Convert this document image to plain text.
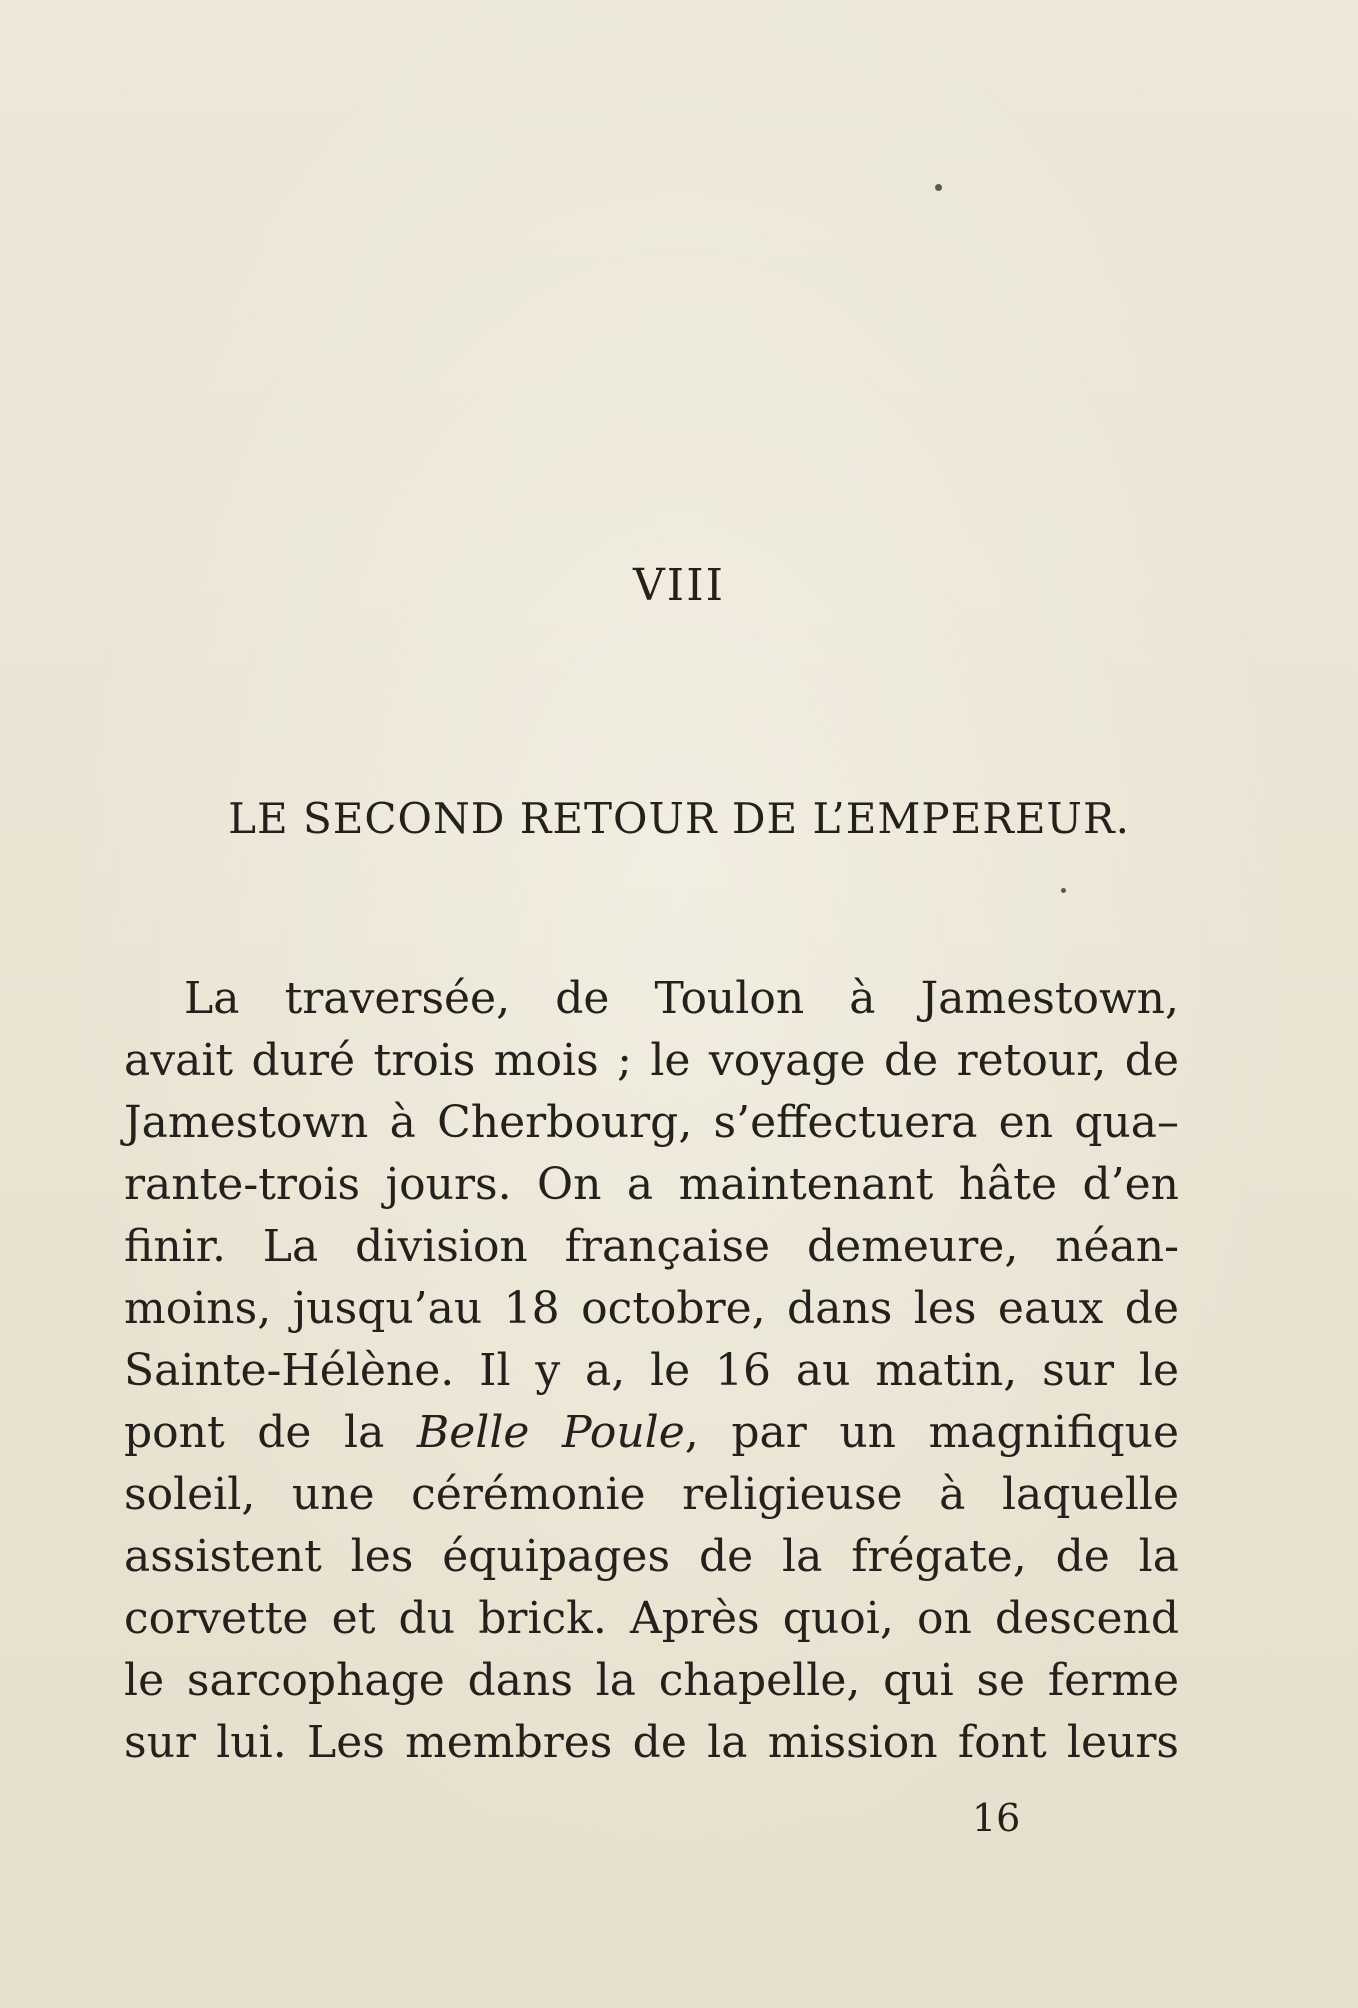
VIII
LE SECOND RETOUR DE L’EMPEREUR.
La traversée, de Toulon à Jamestown,
avait duré trois mois ; le voyage de retour, de
Jamestown à Cherbourg, s’effectuera en qua–
rante-trois jours. On a maintenant hâte d’en
finir. La division française demeure, néan-
moins, jusqu’au 18 octobre, dans les eaux de
Sainte-Hélène. Il y a, le 16 au matin, sur le
pont de la Belle Poule, par un magnifique
soleil, une cérémonie religieuse à laquelle
assistent les équipages de la frégate, de la
corvette et du brick. Après quoi, on descend
le sarcophage dans la chapelle, qui se ferme
sur lui. Les membres de la mission font leurs
16
